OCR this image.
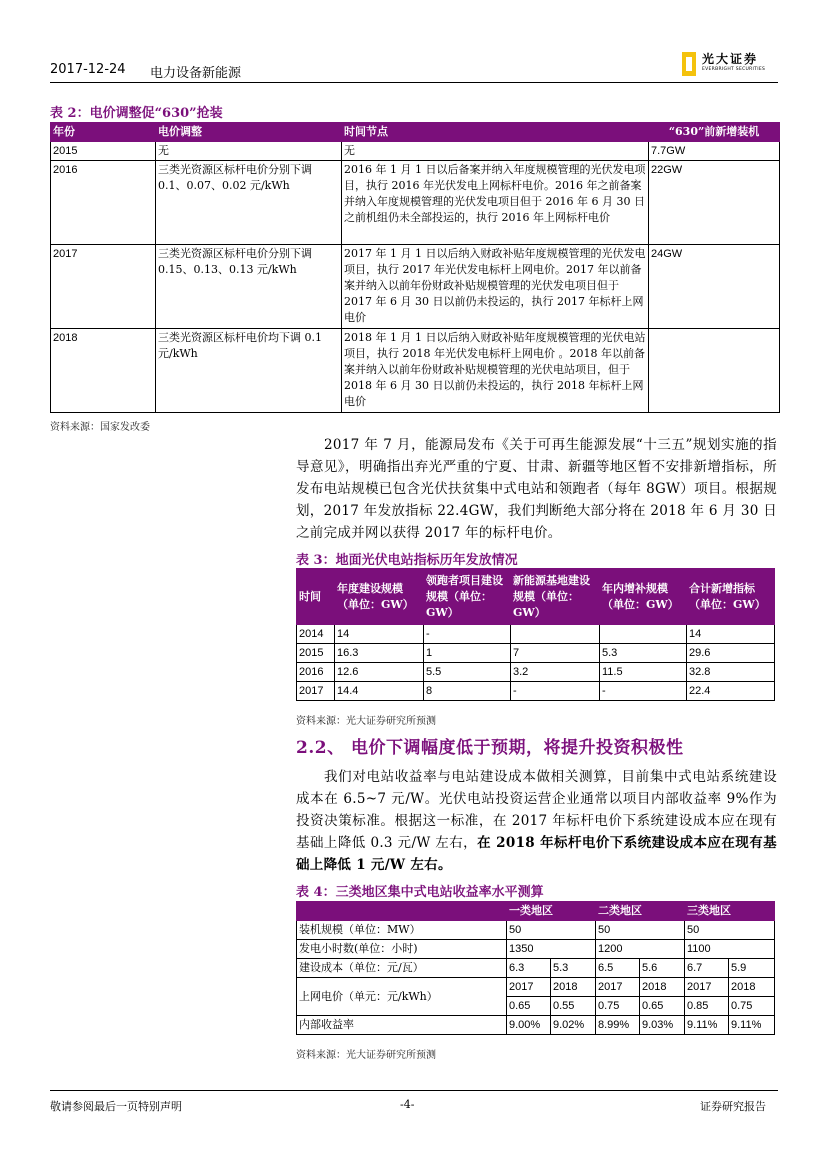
2017-12-24 电力设备新能源
光大证券
EVERBRIGHT SECURITIES
表 2：电价调整促“630”抢装
年份	电价调整	时间节点	“630”前新增装机
2015	无	无	7.7GW
2016	三类光资源区标杆电价分别下调 0.1、0.07、0.02 元/kWh	2016 年 1 月 1 日以后备案并纳入年度规模管理的光伏发电项目，执行 2016 年光伏发电上网标杆电价。2016 年之前备案并纳入年度规模管理的光伏发电项目但于 2016 年 6 月 30 日之前机组仍未全部投运的，执行 2016 年上网标杆电价	22GW
2017	三类光资源区标杆电价分别下调 0.15、0.13、0.13 元/kWh	2017 年 1 月 1 日以后纳入财政补贴年度规模管理的光伏发电项目，执行 2017 年光伏发电标杆上网电价。2017 年以前备案并纳入以前年份财政补贴规模管理的光伏发电项目但于 2017 年 6 月 30 日以前仍未投运的，执行 2017 年标杆上网电价	24GW
2018	三类光资源区标杆电价均下调 0.1 元/kWh	2018 年 1 月 1 日以后纳入财政补贴年度规模管理的光伏电站项目，执行 2018 年光伏发电标杆上网电价 。2018 年以前备案并纳入以前年份财政补贴规模管理的光伏电站项目，但于 2018 年 6 月 30 日以前仍未投运的，执行 2018 年标杆上网电价	
资料来源：国家发改委
2017 年 7 月，能源局发布《关于可再生能源发展“十三五”规划实施的指导意见》，明确指出弃光严重的宁夏、甘肃、新疆等地区暂不安排新增指标，所发布电站规模已包含光伏扶贫集中式电站和领跑者（每年 8GW）项目。根据规划，2017 年发放指标 22.4GW，我们判断绝大部分将在 2018 年 6 月 30 日之前完成并网以获得 2017 年的标杆电价。
表 3：地面光伏电站指标历年发放情况
时间	年度建设规模（单位：GW）	领跑者项目建设规模（单位：GW）	新能源基地建设规模（单位：GW）	年内增补规模（单位：GW）	合计新增指标（单位：GW）
2014	14	-			14
2015	16.3	1	7	5.3	29.6
2016	12.6	5.5	3.2	11.5	32.8
2017	14.4	8	-	-	22.4
资料来源：光大证券研究所预测
2.2、 电价下调幅度低于预期，将提升投资积极性
我们对电站收益率与电站建设成本做相关测算，目前集中式电站系统建设成本在 6.5~7 元/W。光伏电站投资运营企业通常以项目内部收益率 9%作为投资决策标准。根据这一标准，在 2017 年标杆电价下系统建设成本应在现有基础上降低 0.3 元/W 左右，在 2018 年标杆电价下系统建设成本应在现有基础上降低 1 元/W 左右。
表 4：三类地区集中式电站收益率水平测算
	一类地区		二类地区		三类地区	
装机规模（单位：MW）	50		50		50	
发电小时数(单位：小时)	1350		1200		1100	
建设成本（单位：元/瓦）	6.3	5.3	6.5	5.6	6.7	5.9
上网电价（单元：元/kWh）	2017	2018	2017	2018	2017	2018
	0.65	0.55	0.75	0.65	0.85	0.75
内部收益率	9.00%	9.02%	8.99%	9.03%	9.11%	9.11%
资料来源：光大证券研究所预测
敬请参阅最后一页特别声明	-4-	证券研究报告
